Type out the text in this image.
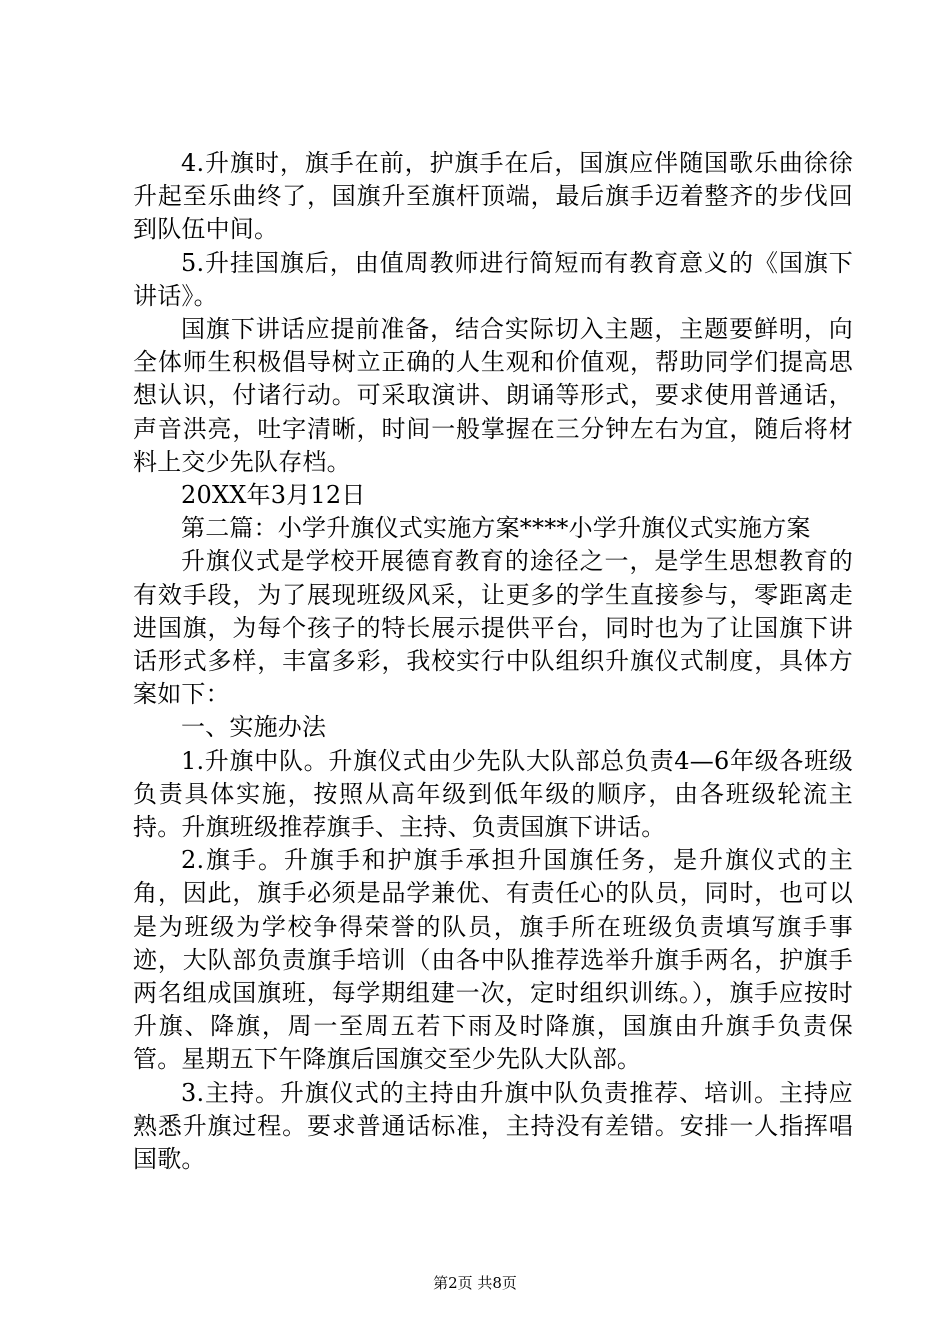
4.升旗时，旗手在前，护旗手在后，国旗应伴随国歌乐曲徐徐升起至乐曲终了，国旗升至旗杆顶端，最后旗手迈着整齐的步伐回到队伍中间。

5.升挂国旗后，由值周教师进行简短而有教育意义的《国旗下讲话》。

国旗下讲话应提前准备，结合实际切入主题，主题要鲜明，向全体师生积极倡导树立正确的人生观和价值观，帮助同学们提高思想认识，付诸行动。可采取演讲、朗诵等形式，要求使用普通话，声音洪亮，吐字清晰，时间一般掌握在三分钟左右为宜，随后将材料上交少先队存档。

20XX年3月12日

第二篇：小学升旗仪式实施方案****小学升旗仪式实施方案

升旗仪式是学校开展德育教育的途径之一，是学生思想教育的有效手段，为了展现班级风采，让更多的学生直接参与，零距离走进国旗，为每个孩子的特长展示提供平台，同时也为了让国旗下讲话形式多样，丰富多彩，我校实行中队组织升旗仪式制度，具体方案如下：

一、实施办法

1.升旗中队。升旗仪式由少先队大队部总负责4—6年级各班级负责具体实施，按照从高年级到低年级的顺序，由各班级轮流主持。升旗班级推荐旗手、主持、负责国旗下讲话。

2.旗手。升旗手和护旗手承担升国旗任务，是升旗仪式的主角，因此，旗手必须是品学兼优、有责任心的队员，同时，也可以是为班级为学校争得荣誉的队员，旗手所在班级负责填写旗手事迹，大队部负责旗手培训（由各中队推荐选举升旗手两名，护旗手两名组成国旗班，每学期组建一次，定时组织训练。），旗手应按时升旗、降旗，周一至周五若下雨及时降旗，国旗由升旗手负责保管。星期五下午降旗后国旗交至少先队大队部。

3.主持。升旗仪式的主持由升旗中队负责推荐、培训。主持应熟悉升旗过程。要求普通话标准，主持没有差错。安排一人指挥唱国歌。

第2页 共8页
